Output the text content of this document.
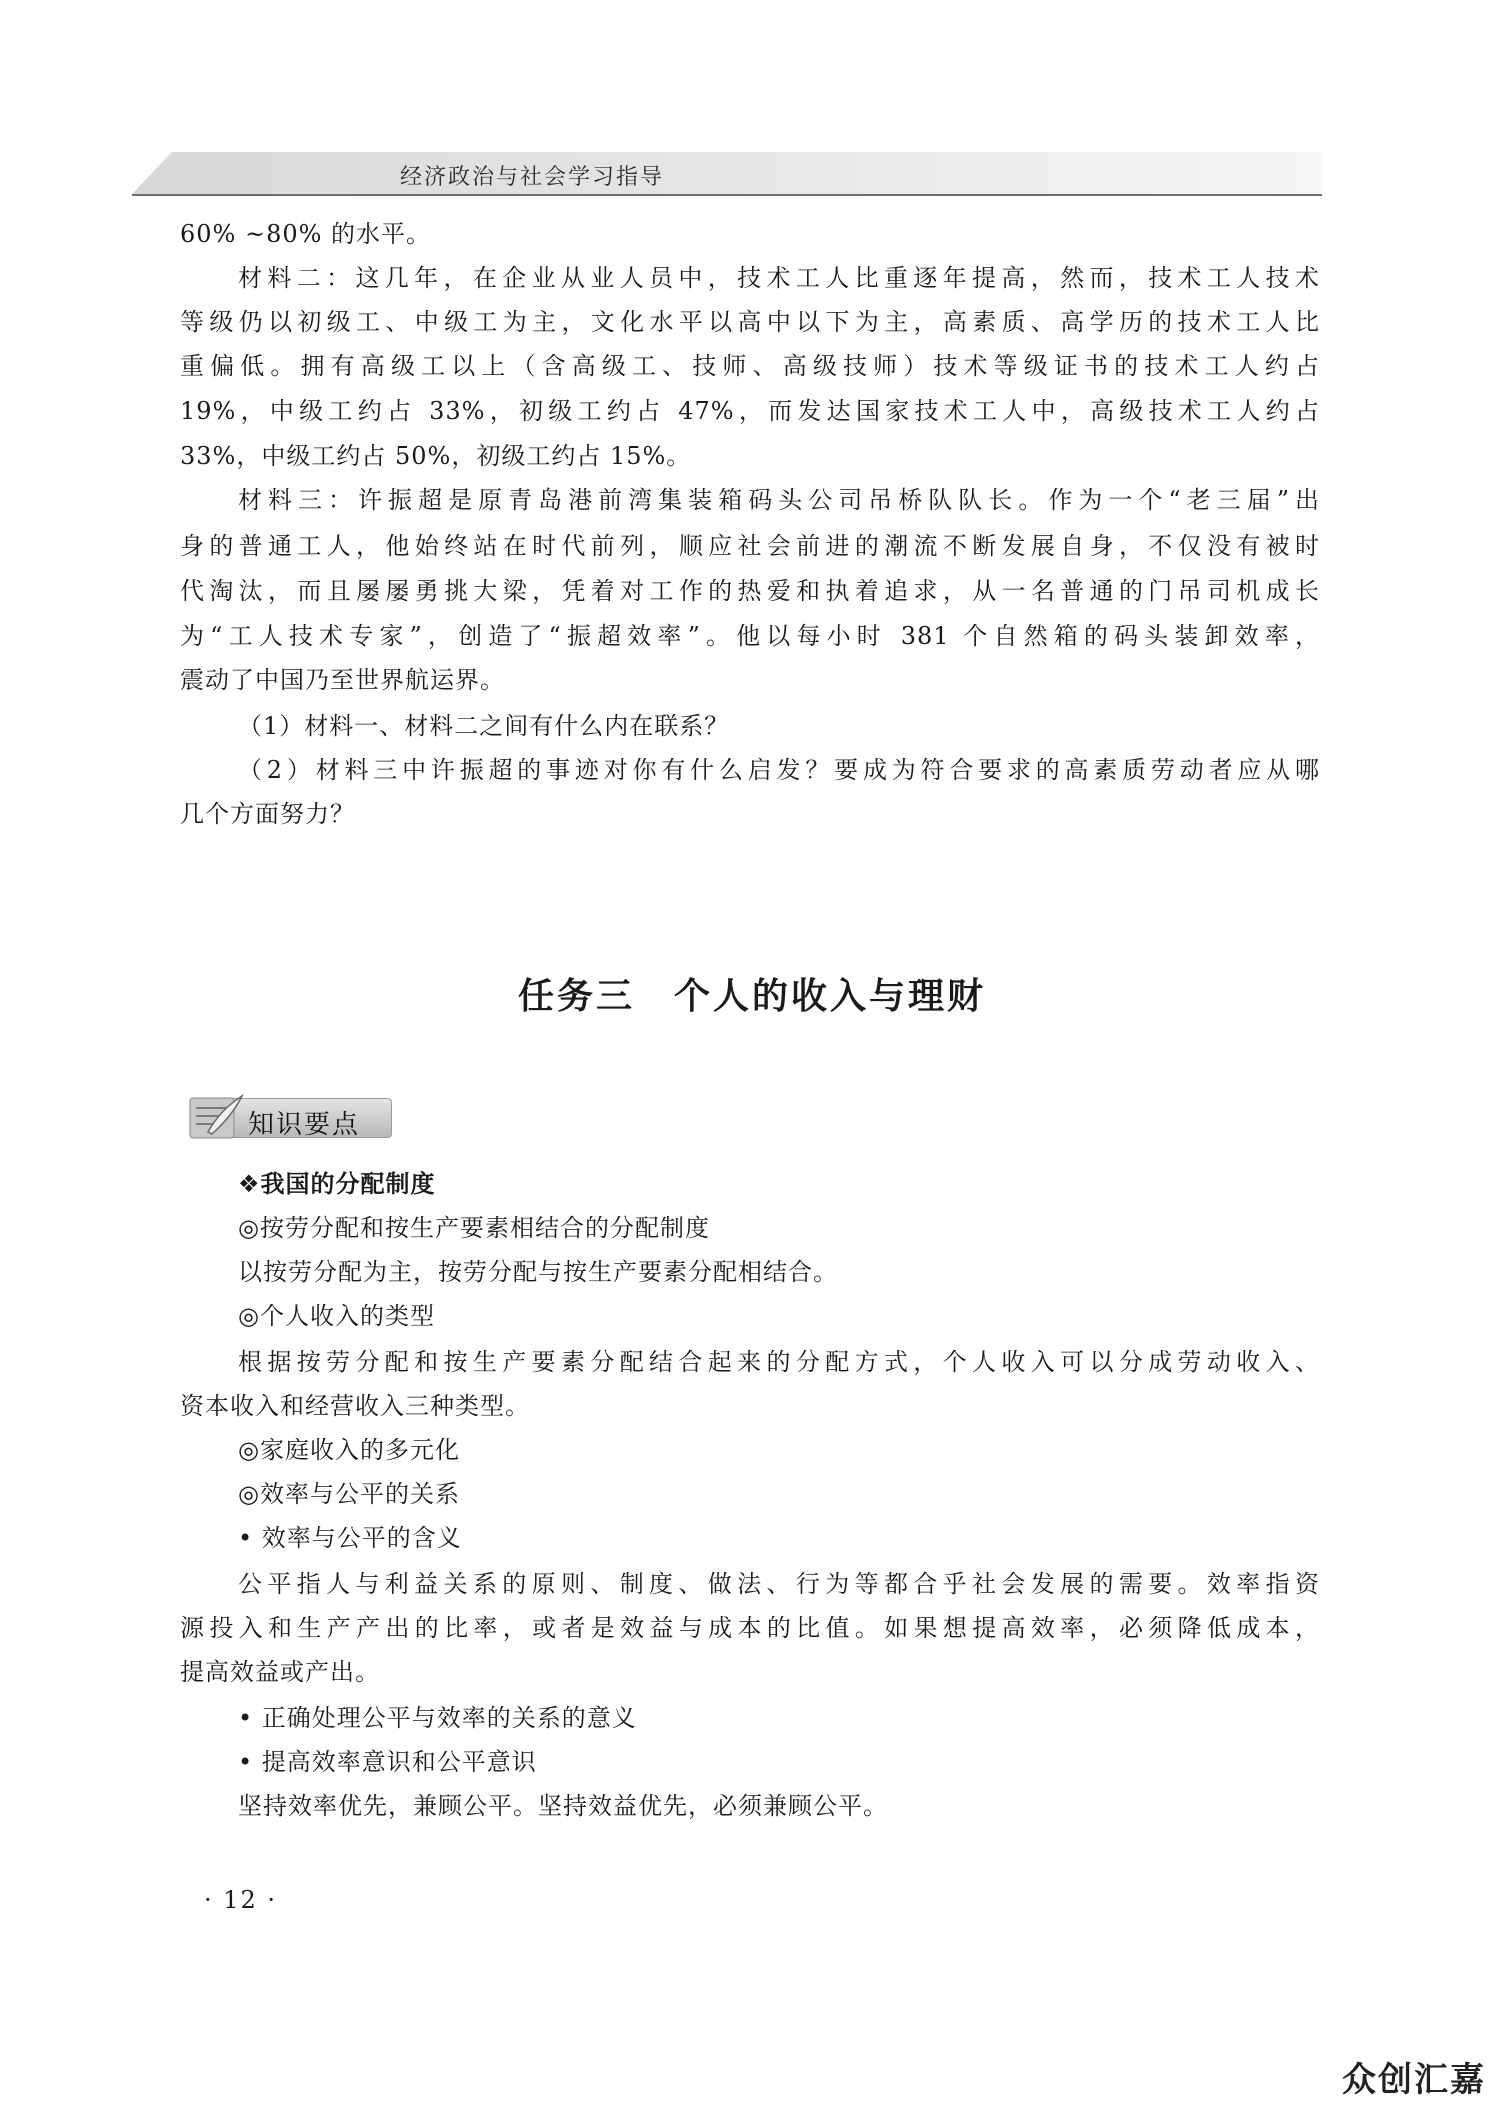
经济政治与社会学习指导
60% ~80% 的水平。
材料二：这几年，在企业从业人员中，技术工人比重逐年提高，然而，技术工人技术
等级仍以初级工、中级工为主，文化水平以高中以下为主，高素质、高学历的技术工人比
重偏低。拥有高级工以上（含高级工、技师、高级技师）技术等级证书的技术工人约占
19%，中级工约占 33%，初级工约占 47%，而发达国家技术工人中，高级技术工人约占
33%，中级工约占 50%，初级工约占 15%。
材料三：许振超是原青岛港前湾集装箱码头公司吊桥队队长。作为一个“老三届”出
身的普通工人，他始终站在时代前列，顺应社会前进的潮流不断发展自身，不仅没有被时
代淘汰，而且屡屡勇挑大梁，凭着对工作的热爱和执着追求，从一名普通的门吊司机成长
为“工人技术专家”，创造了“振超效率”。他以每小时 381 个自然箱的码头装卸效率，
震动了中国乃至世界航运界。
（1）材料一、材料二之间有什么内在联系？
（2）材料三中许振超的事迹对你有什么启发？要成为符合要求的高素质劳动者应从哪
几个方面努力？
任务三　个人的收入与理财
知识要点
❖我国的分配制度
◎按劳分配和按生产要素相结合的分配制度
以按劳分配为主，按劳分配与按生产要素分配相结合。
◎个人收入的类型
根据按劳分配和按生产要素分配结合起来的分配方式，个人收入可以分成劳动收入、
资本收入和经营收入三种类型。
◎家庭收入的多元化
◎效率与公平的关系
• 效率与公平的含义
公平指人与利益关系的原则、制度、做法、行为等都合乎社会发展的需要。效率指资
源投入和生产产出的比率，或者是效益与成本的比值。如果想提高效率，必须降低成本，
提高效益或产出。
• 正确处理公平与效率的关系的意义
• 提高效率意识和公平意识
坚持效率优先，兼顾公平。坚持效益优先，必须兼顾公平。
· 12 ·
众创汇嘉
